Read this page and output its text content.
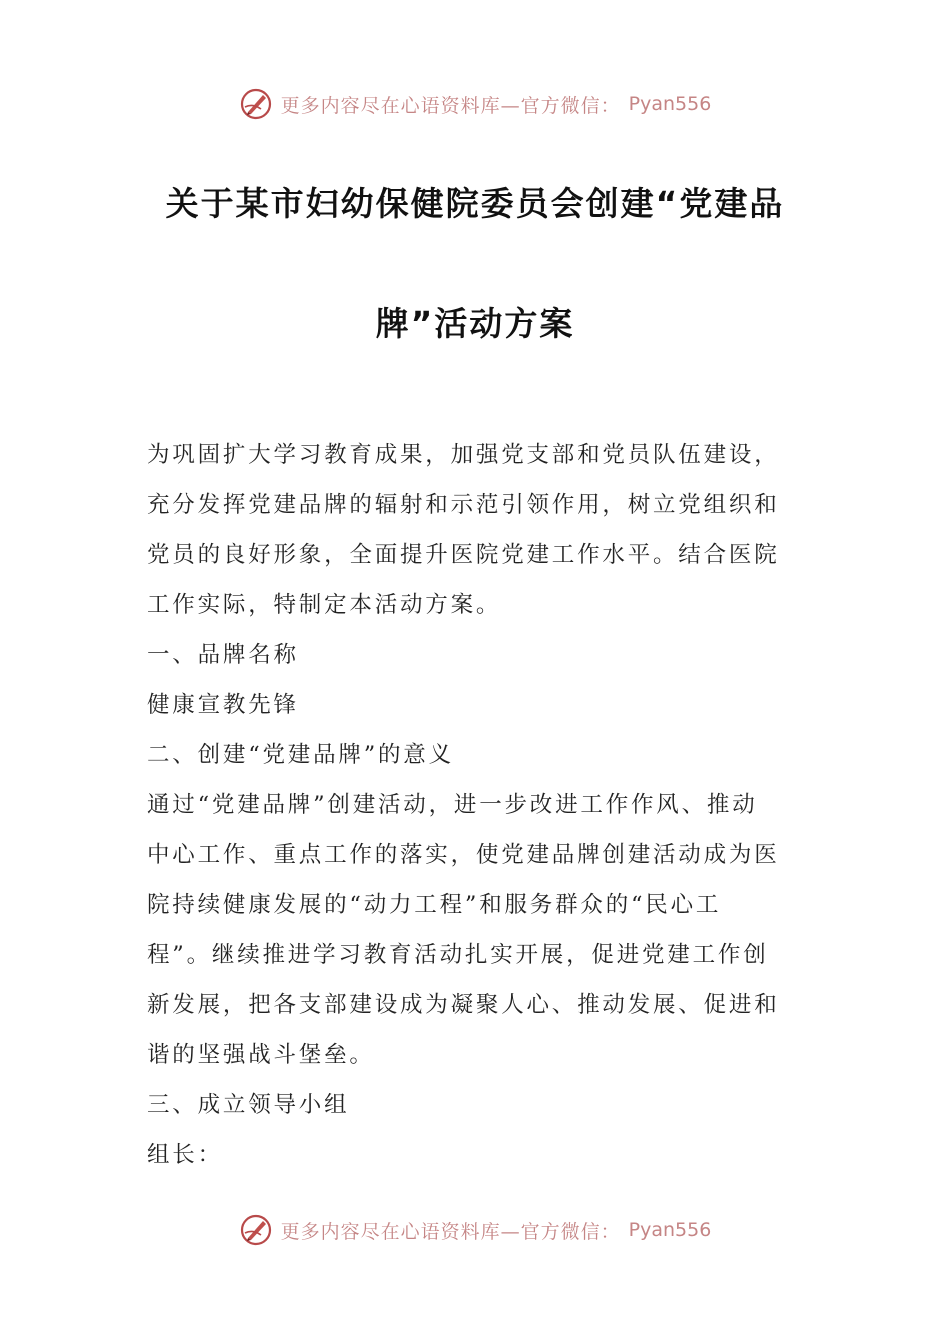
更多内容尽在心语资料库—官方微信： Pyan556
关于某市妇幼保健院委员会创建“党建品
牌”活动方案
为巩固扩大学习教育成果，加强党支部和党员队伍建设，
充分发挥党建品牌的辐射和示范引领作用，树立党组织和
党员的良好形象，全面提升医院党建工作水平。结合医院
工作实际，特制定本活动方案。
一、品牌名称
健康宣教先锋
二、创建“党建品牌”的意义
通过“党建品牌”创建活动，进一步改进工作作风、推动
中心工作、重点工作的落实，使党建品牌创建活动成为医
院持续健康发展的“动力工程”和服务群众的“民心工
程”。继续推进学习教育活动扎实开展，促进党建工作创
新发展，把各支部建设成为凝聚人心、推动发展、促进和
谐的坚强战斗堡垒。
三、成立领导小组
组长：
更多内容尽在心语资料库—官方微信： Pyan556
